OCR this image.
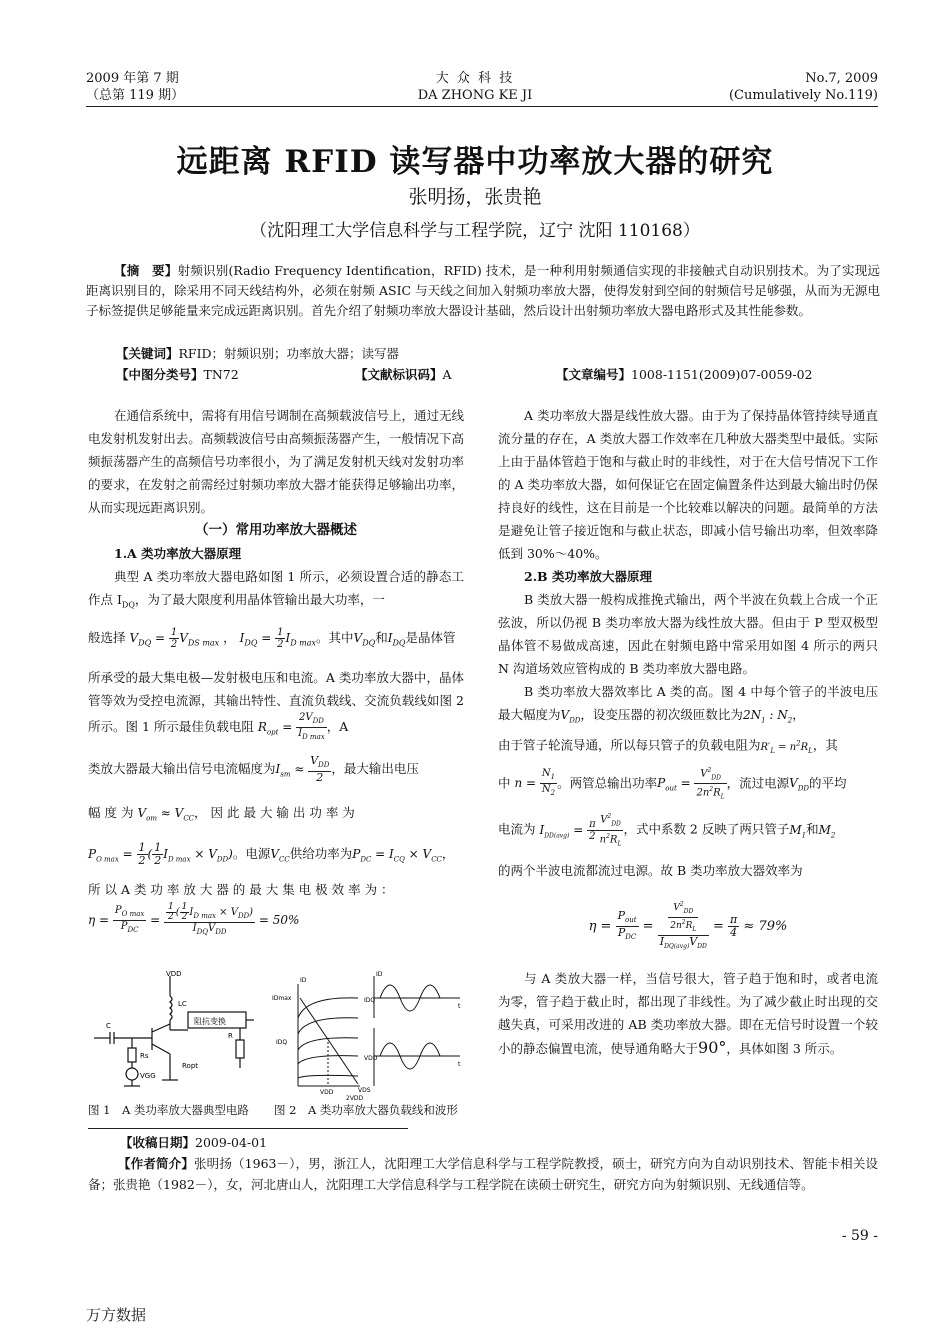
2009 年第 7 期
（总第 119 期）
大 众 科 技
DA ZHONG KE JI
No.7, 2009
(Cumulatively No.119)
远距离 RFID 读写器中功率放大器的研究
张明扬，张贵艳
（沈阳理工大学信息科学与工程学院，辽宁 沈阳 110168）
【摘　要】射频识别(Radio Frequency Identification，RFID) 技术，是一种利用射频通信实现的非接触式自动识别技术。为了实现远距离识别目的，除采用不同天线结构外，必须在射频 ASIC 与天线之间加入射频功率放大器，使得发射到空间的射频信号足够强，从而为无源电子标签提供足够能量来完成远距离识别。首先介绍了射频功率放大器设计基础，然后设计出射频功率放大器电路形式及其性能参数。
【关键词】RFID；射频识别；功率放大器；读写器
【中图分类号】TN72	【文献标识码】A	【文章编号】1008-1151(2009)07-0059-02

在通信系统中，需将有用信号调制在高频载波信号上，通过无线电发射机发射出去。高频载波信号由高频振荡器产生，一般情况下高频振荡器产生的高频信号功率很小，为了满足发射机天线对发射功率的要求，在发射之前需经过射频功率放大器才能获得足够输出功率，从而实现远距离识别。

（一）常用功率放大器概述

1.A 类功率放大器原理

典型 A 类功率放大器电路如图 1 所示，必须设置合适的静态工作点 $I_{DQ}$，为了最大限度利用晶体管输出最大功率，一

般选择 $V_{DQ} = \frac{1}{2} V_{DS max}$ ， $I_{DQ} = \frac{1}{2} I_{D max}$。其中$V_{DQ}$和$I_{DQ}$是晶体管

所承受的最大集电极—发射极电压和电流。A 类功率放大器中，晶体管等效为受控电流源，其输出特性、直流负载线、交流负载线如图 2 所示。图 1 所示最佳负载电阻 $R_{opt} = \frac{2V_{DD}}{I_{D max}}$ ，A

类放大器最大输出信号电流幅度为$I_{sm} \approx \frac{V_{DD}}{2}$ ，最大输出电压

幅 度 为 $V_{om} \approx V_{CC}$， 因 此 最 大 输 出 功 率 为

$P_{O max} = \frac{1}{2}$ ( $\frac{1}{2} I_{D max} \times V_{DD}$)。电源$V_{CC}$供给功率为$P_{DC} = I_{CQ} \times V_{CC}$，

所 以 A 类 功 率 放 大 器 的 最 大 集 电 极 效 率 为 ：

$\eta = \frac{P_{O max}}{P_{DC}} = \frac{\frac{1}{2} ( \frac{1}{2} I_{D max} \times V_{DD})}{I_{DQ}V_{DD}} = 50\%$

VDD
LC
C
Rs
VGG
阻抗变换
Ropt
R
ID
IDmax
IDQ
VDS
VDD
2VDD
ID
IDQ
t
VDD
t
图 1　A 类功率放大器典型电路 图 2　A 类功率放大器负载线和波形

A 类功率放大器是线性放大器。由于为了保持晶体管持续导通直流分量的存在，A 类放大器工作效率在几种放大器类型中最低。实际上由于晶体管趋于饱和与截止时的非线性，对于在大信号情况下工作的 A 类功率放大器，如何保证它在固定偏置条件达到最大输出时仍保持良好的线性，这在目前是一个比较难以解决的问题。最简单的方法是避免让管子接近饱和与截止状态，即减小信号输出功率，但效率降低到 30%～40%。

2.B 类功率放大器原理

B 类放大器一般构成推挽式输出，两个半波在负载上合成一个正弦波，所以仍视 B 类功率放大器为线性放大器。但由于 P 型双极型晶体管不易做成高速，因此在射频电路中常采用如图 4 所示的两只 N 沟道场效应管构成的 B 类功率放大器电路。

B 类功率放大器效率比 A 类的高。图 4 中每个管子的半波电压最大幅度为$V_{DD}$，设变压器的初次级匝数比为$2N_1$ : $N_2$，

由于管子轮流导通，所以每只管子的负载电阻为$R'_L = n^2R_L$，其

中 $n = \frac{N_1}{N_2}$ 。两管总输出功率$P_{out} = \frac{V^2_{DD}}{2n^2R_L}$ ，流过电源$V_{DD}$的平均

电流为 $I_{DD(avg)} = \frac{\pi}{2} \frac{V^2_{DD}}{n^2R_L}$ ，式中系数 2 反映了两只管子$M_1$和$M_2$

的两个半波电流都流过电源。故 B 类功率放大器效率为

$\eta = \frac{P_{out}}{P_{DC}} = \frac{\frac{V^2_{DD}}{2n^2R_L}}{I_{DQ(avg)}V_{DD}} = \frac{\pi}{4} \approx 79\%$

与 A 类放大器一样，当信号很大，管子趋于饱和时，或者电流为零，管子趋于截止时，都出现了非线性。为了减少截止时出现的交越失真，可采用改进的 AB 类功率放大器。即在无信号时设置一个较小的静态偏置电流，使导通角略大于90°，具体如图 3 所示。

【收稿日期】2009-04-01
【作者简介】张明扬（1963－），男，浙江人，沈阳理工大学信息科学与工程学院教授，硕士，研究方向为自动识别技术、智能卡相关设备；张贵艳（1982－），女，河北唐山人，沈阳理工大学信息科学与工程学院在读硕士研究生，研究方向为射频识别、无线通信等。
- 59 -
万方数据
